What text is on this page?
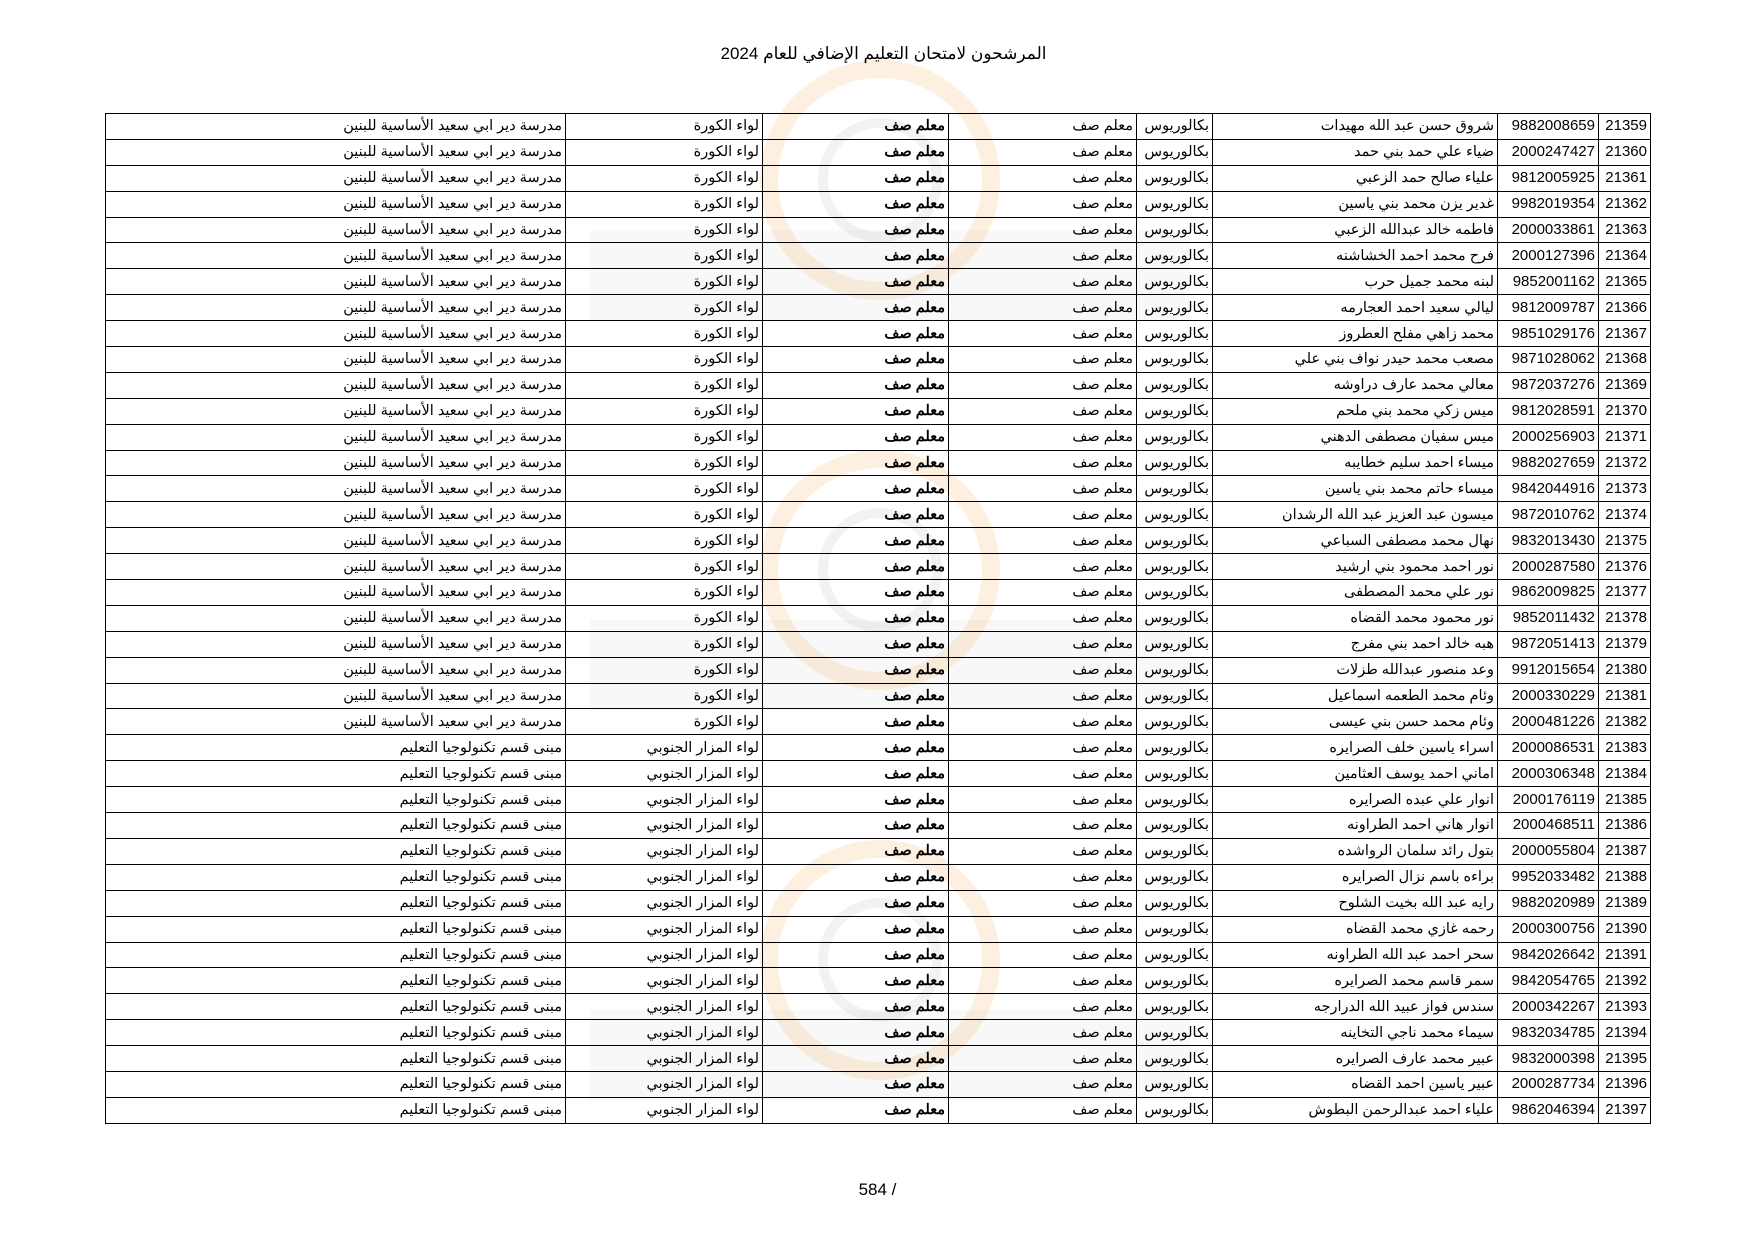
المرشحون لامتحان التعليم الإضافي للعام 2024
مدرسة دير ابي سعيد الأساسية للبنين	لواء الكورة	معلم صف	معلم صف	بكالوريوس	شروق حسن عبد الله مهيدات	9882008659	21359
مدرسة دير ابي سعيد الأساسية للبنين	لواء الكورة	معلم صف	معلم صف	بكالوريوس	ضياء علي حمد بني حمد	2000247427	21360
مدرسة دير ابي سعيد الأساسية للبنين	لواء الكورة	معلم صف	معلم صف	بكالوريوس	علياء صالح حمد الزعبي	9812005925	21361
مدرسة دير ابي سعيد الأساسية للبنين	لواء الكورة	معلم صف	معلم صف	بكالوريوس	غدير يزن محمد بني ياسين	9982019354	21362
مدرسة دير ابي سعيد الأساسية للبنين	لواء الكورة	معلم صف	معلم صف	بكالوريوس	فاطمه خالد عبدالله الزعبي	2000033861	21363
مدرسة دير ابي سعيد الأساسية للبنين	لواء الكورة	معلم صف	معلم صف	بكالوريوس	فرح محمد احمد الخشاشنه	2000127396	21364
مدرسة دير ابي سعيد الأساسية للبنين	لواء الكورة	معلم صف	معلم صف	بكالوريوس	لبنه محمد جميل حرب	9852001162	21365
مدرسة دير ابي سعيد الأساسية للبنين	لواء الكورة	معلم صف	معلم صف	بكالوريوس	ليالي سعيد احمد العجارمه	9812009787	21366
مدرسة دير ابي سعيد الأساسية للبنين	لواء الكورة	معلم صف	معلم صف	بكالوريوس	محمد زاهي مفلح العطروز	9851029176	21367
مدرسة دير ابي سعيد الأساسية للبنين	لواء الكورة	معلم صف	معلم صف	بكالوريوس	مصعب محمد حيدر نواف بني علي	9871028062	21368
مدرسة دير ابي سعيد الأساسية للبنين	لواء الكورة	معلم صف	معلم صف	بكالوريوس	معالي محمد عارف دراوشه	9872037276	21369
مدرسة دير ابي سعيد الأساسية للبنين	لواء الكورة	معلم صف	معلم صف	بكالوريوس	ميس زكي محمد بني ملحم	9812028591	21370
مدرسة دير ابي سعيد الأساسية للبنين	لواء الكورة	معلم صف	معلم صف	بكالوريوس	ميس سفيان مصطفى الدهني	2000256903	21371
مدرسة دير ابي سعيد الأساسية للبنين	لواء الكورة	معلم صف	معلم صف	بكالوريوس	ميساء احمد سليم خطايبه	9882027659	21372
مدرسة دير ابي سعيد الأساسية للبنين	لواء الكورة	معلم صف	معلم صف	بكالوريوس	ميساء حاتم محمد بني ياسين	9842044916	21373
مدرسة دير ابي سعيد الأساسية للبنين	لواء الكورة	معلم صف	معلم صف	بكالوريوس	ميسون عبد العزيز عبد الله الرشدان	9872010762	21374
مدرسة دير ابي سعيد الأساسية للبنين	لواء الكورة	معلم صف	معلم صف	بكالوريوس	نهال محمد مصطفى السباعي	9832013430	21375
مدرسة دير ابي سعيد الأساسية للبنين	لواء الكورة	معلم صف	معلم صف	بكالوريوس	نور احمد محمود بني ارشيد	2000287580	21376
مدرسة دير ابي سعيد الأساسية للبنين	لواء الكورة	معلم صف	معلم صف	بكالوريوس	نور علي محمد المصطفى	9862009825	21377
مدرسة دير ابي سعيد الأساسية للبنين	لواء الكورة	معلم صف	معلم صف	بكالوريوس	نور محمود محمد القضاه	9852011432	21378
مدرسة دير ابي سعيد الأساسية للبنين	لواء الكورة	معلم صف	معلم صف	بكالوريوس	هبه خالد احمد بني مفرج	9872051413	21379
مدرسة دير ابي سعيد الأساسية للبنين	لواء الكورة	معلم صف	معلم صف	بكالوريوس	وعد منصور عبدالله طزلات	9912015654	21380
مدرسة دير ابي سعيد الأساسية للبنين	لواء الكورة	معلم صف	معلم صف	بكالوريوس	وئام محمد الطعمه اسماعيل	2000330229	21381
مدرسة دير ابي سعيد الأساسية للبنين	لواء الكورة	معلم صف	معلم صف	بكالوريوس	وئام محمد حسن بني عيسى	2000481226	21382
مبنى قسم تكنولوجيا التعليم	لواء المزار الجنوبي	معلم صف	معلم صف	بكالوريوس	اسراء ياسين خلف الصرايره	2000086531	21383
مبنى قسم تكنولوجيا التعليم	لواء المزار الجنوبي	معلم صف	معلم صف	بكالوريوس	اماني احمد يوسف العثامين	2000306348	21384
مبنى قسم تكنولوجيا التعليم	لواء المزار الجنوبي	معلم صف	معلم صف	بكالوريوس	انوار علي عبده الصرايره	2000176119	21385
مبنى قسم تكنولوجيا التعليم	لواء المزار الجنوبي	معلم صف	معلم صف	بكالوريوس	انوار هاني احمد الطراونه	2000468511	21386
مبنى قسم تكنولوجيا التعليم	لواء المزار الجنوبي	معلم صف	معلم صف	بكالوريوس	بتول رائد سلمان الرواشده	2000055804	21387
مبنى قسم تكنولوجيا التعليم	لواء المزار الجنوبي	معلم صف	معلم صف	بكالوريوس	براءه باسم نزال الصرايره	9952033482	21388
مبنى قسم تكنولوجيا التعليم	لواء المزار الجنوبي	معلم صف	معلم صف	بكالوريوس	رايه عبد الله بخيت الشلوح	9882020989	21389
مبنى قسم تكنولوجيا التعليم	لواء المزار الجنوبي	معلم صف	معلم صف	بكالوريوس	رحمه غازي محمد القضاه	2000300756	21390
مبنى قسم تكنولوجيا التعليم	لواء المزار الجنوبي	معلم صف	معلم صف	بكالوريوس	سحر احمد عبد الله الطراونه	9842026642	21391
مبنى قسم تكنولوجيا التعليم	لواء المزار الجنوبي	معلم صف	معلم صف	بكالوريوس	سمر قاسم محمد الصرايره	9842054765	21392
مبنى قسم تكنولوجيا التعليم	لواء المزار الجنوبي	معلم صف	معلم صف	بكالوريوس	سندس فواز عبيد الله الدرارجه	2000342267	21393
مبنى قسم تكنولوجيا التعليم	لواء المزار الجنوبي	معلم صف	معلم صف	بكالوريوس	سيماء محمد ناجي التخاينه	9832034785	21394
مبنى قسم تكنولوجيا التعليم	لواء المزار الجنوبي	معلم صف	معلم صف	بكالوريوس	عبير محمد عارف الصرايره	9832000398	21395
مبنى قسم تكنولوجيا التعليم	لواء المزار الجنوبي	معلم صف	معلم صف	بكالوريوس	عبير ياسين احمد القضاه	2000287734	21396
مبنى قسم تكنولوجيا التعليم	لواء المزار الجنوبي	معلم صف	معلم صف	بكالوريوس	علياء احمد عبدالرحمن البطوش	9862046394	21397
584 /
